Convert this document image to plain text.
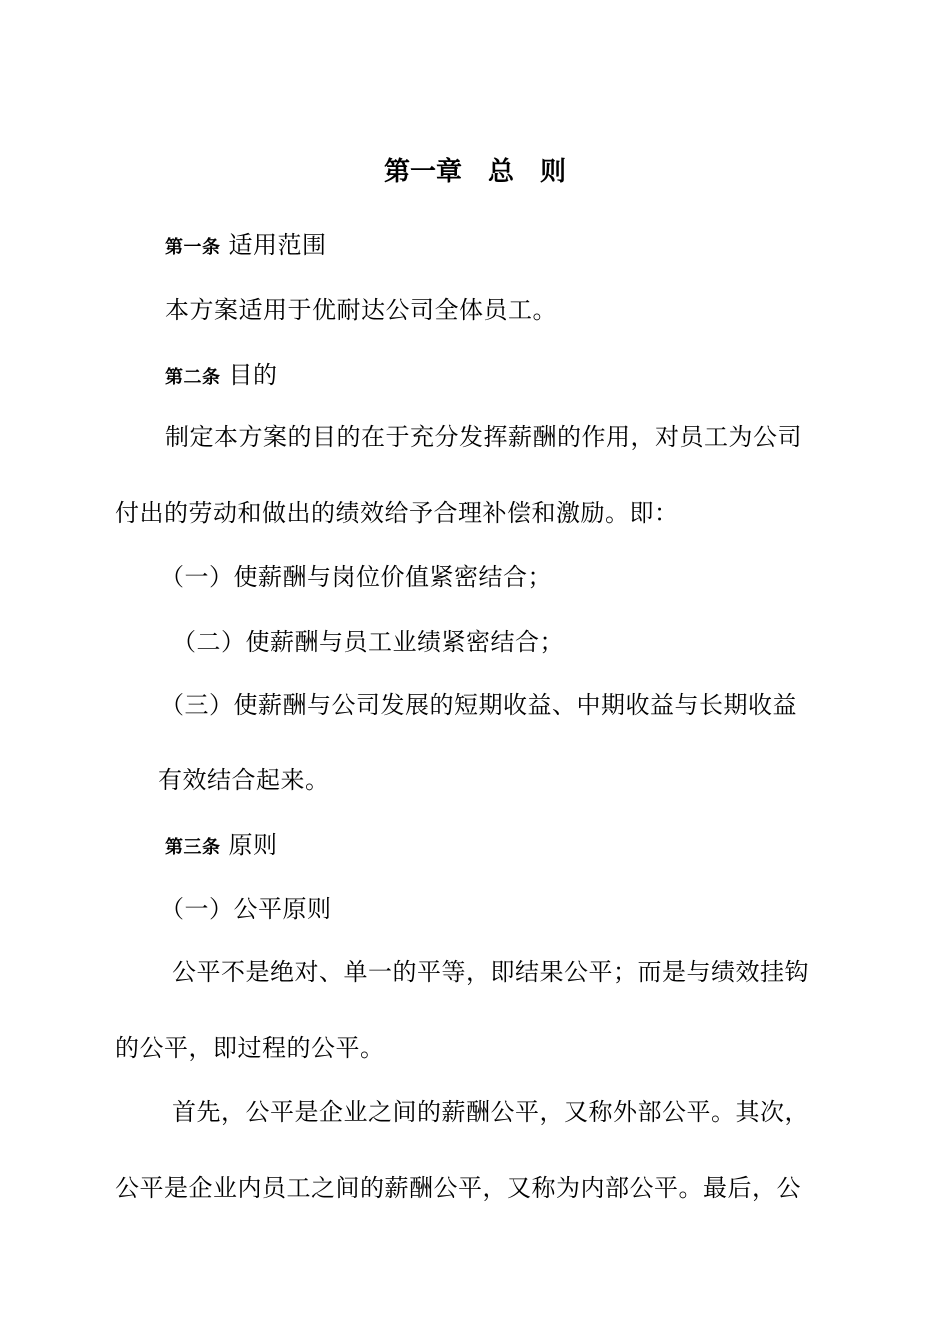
第一章 总 则
第一条 适用范围
本方案适用于优耐达公司全体员工。
第二条 目的
制定本方案的目的在于充分发挥薪酬的作用，对员工为公司
付出的劳动和做出的绩效给予合理补偿和激励。即：
（一）使薪酬与岗位价值紧密结合；
（二）使薪酬与员工业绩紧密结合；
（三）使薪酬与公司发展的短期收益、中期收益与长期收益
有效结合起来。
第三条 原则
（一）公平原则
公平不是绝对、单一的平等，即结果公平；而是与绩效挂钩
的公平，即过程的公平。
首先，公平是企业之间的薪酬公平，又称外部公平。其次，
公平是企业内员工之间的薪酬公平，又称为内部公平。最后，公
